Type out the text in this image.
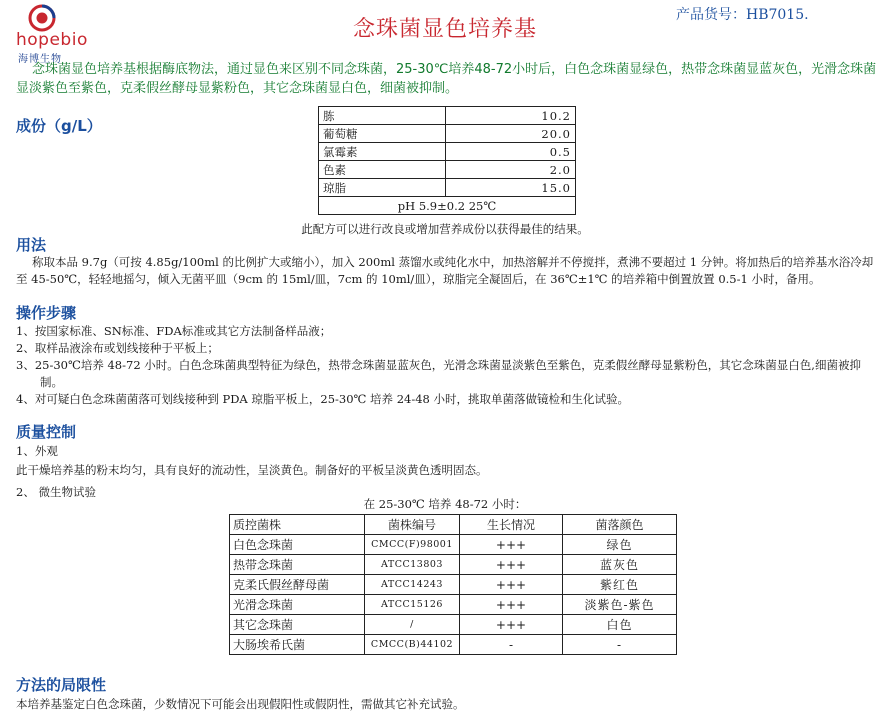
hopebio
海博生物
念珠菌显色培养基
产品货号：HB7015.
念珠菌显色培养基根据酶底物法，通过显色来区别不同念珠菌，25-30℃培养48-72小时后，白色念珠菌显绿色，热带念珠菌显蓝灰色，光滑念珠菌显淡紫色至紫色，克柔假丝酵母显紫粉色，其它念珠菌显白色，细菌被抑制。
成份（g/L）
胨	10.2
葡萄糖	20.0
氯霉素	0.5
色素	2.0
琼脂	15.0
pH 5.9±0.2 25℃	
此配方可以进行改良或增加营养成份以获得最佳的结果。
用法
称取本品 9.7g（可按 4.85g/100ml 的比例扩大或缩小），加入 200ml 蒸馏水或纯化水中，加热溶解并不停搅拌，煮沸不要超过 1 分钟。将加热后的培养基水浴冷却至 45-50℃，轻轻地摇匀，倾入无菌平皿（9cm 的 15ml/皿，7cm 的 10ml/皿），琼脂完全凝固后，在 36℃±1℃ 的培养箱中倒置放置 0.5-1 小时，备用。
操作步骤
1、按国家标准、SN标准、FDA标准或其它方法制备样品液；
2、取样品液涂布或划线接种于平板上；
3、25-30℃培养 48-72 小时。白色念珠菌典型特征为绿色，热带念珠菌显蓝灰色，光滑念珠菌显淡紫色至紫色，克柔假丝酵母显紫粉色，其它念珠菌显白色,细菌被抑制。
4、对可疑白色念珠菌菌落可划线接种到 PDA 琼脂平板上，25-30℃ 培养 24-48 小时，挑取单菌落做镜检和生化试验。
质量控制
1、外观
此干燥培养基的粉末均匀，具有良好的流动性，呈淡黄色。制备好的平板呈淡黄色透明固态。
2、 微生物试验
在 25-30℃ 培养 48-72 小时：
质控菌株	菌株编号	生长情况	菌落颜色
白色念珠菌	CMCC(F)98001	+++	绿色
热带念珠菌	ATCC13803	+++	蓝灰色
克柔氏假丝酵母菌	ATCC14243	+++	紫红色
光滑念珠菌	ATCC15126	+++	淡紫色-紫色
其它念珠菌	/	+++	白色
大肠埃希氏菌	CMCC(B)44102	-	-
方法的局限性
本培养基鉴定白色念珠菌，少数情况下可能会出现假阳性或假阴性，需做其它补充试验。
